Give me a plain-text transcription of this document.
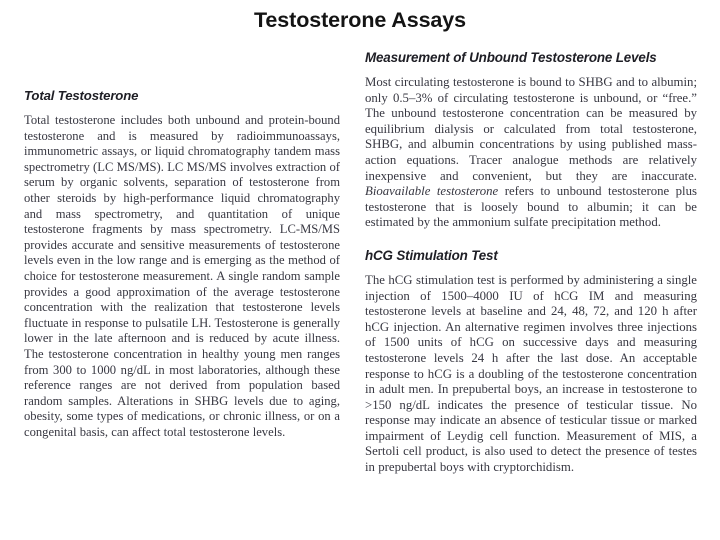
Testosterone Assays
Total Testosterone

Total testosterone includes both unbound and protein-bound testosterone and is measured by radioimmunoassays, immunometric assays, or liquid chromatography tandem mass spectrometry (LC MS/MS). LC MS/MS involves extraction of serum by organic solvents, separation of testosterone from other steroids by high-performance liquid chromatography and mass spectrometry, and quantitation of unique testosterone fragments by mass spectrometry. LC-MS/MS provides accurate and sensitive measurements of testosterone levels even in the low range and is emerging as the method of choice for testosterone measurement. A single random sample provides a good approximation of the average testosterone concentration with the realization that testosterone levels fluctuate in response to pulsatile LH. Testosterone is generally lower in the late afternoon and is reduced by acute illness. The testosterone concentration in healthy young men ranges from 300 to 1000 ng/dL in most laboratories, although these reference ranges are not derived from population based random samples. Alterations in SHBG levels due to aging, obesity, some types of medications, or chronic illness, or on a congenital basis, can affect total testosterone levels.

Measurement of Unbound Testosterone Levels

Most circulating testosterone is bound to SHBG and to albumin; only 0.5–3% of circulating testosterone is unbound, or “free.” The unbound testosterone concentration can be measured by equilibrium dialysis or calculated from total testosterone, SHBG, and albumin concentrations by using published mass-action equations. Tracer analogue methods are relatively inexpensive and convenient, but they are inaccurate. Bioavailable testosterone refers to unbound testosterone plus testosterone that is loosely bound to albumin; it can be estimated by the ammonium sulfate precipitation method.

hCG Stimulation Test

The hCG stimulation test is performed by administering a single injection of 1500–4000 IU of hCG IM and measuring testosterone levels at baseline and 24, 48, 72, and 120 h after hCG injection. An alternative regimen involves three injections of 1500 units of hCG on successive days and measuring testosterone levels 24 h after the last dose. An acceptable response to hCG is a doubling of the testosterone concentration in adult men. In prepubertal boys, an increase in testosterone to >150 ng/dL indicates the presence of testicular tissue. No response may indicate an absence of testicular tissue or marked impairment of Leydig cell function. Measurement of MIS, a Sertoli cell product, is also used to detect the presence of testes in prepubertal boys with cryptorchidism.
